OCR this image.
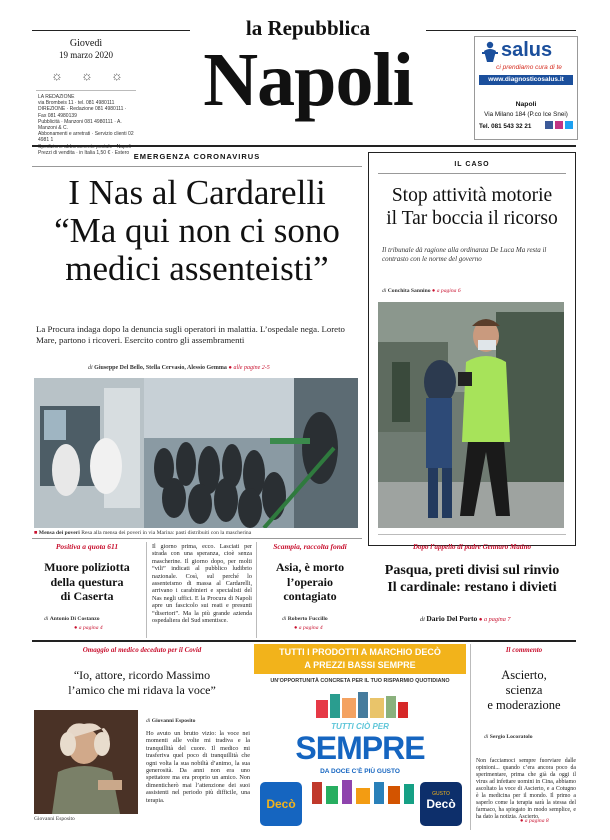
Giovedì
19 marzo 2020
☼ ☼ ☼
LA REDAZIONE
via Brombeis 11 · tel. 081 4980111
DIREZIONE · Redazione 081 4980111 · Fax 081 4980139
Pubblicità · Manzoni 081 4980111 · A. Manzoni & C.
Abbonamenti e arretrati · Servizio clienti 02 4981 1
Prezzi di vendita · in Italia 1,50 € · Estero
la Repubblica
Napoli	salus
ci prendiamo cura di te
www.diagnosticosalus.it
Napoli
Via Milano 184 (P.co Ice Snei)
Tel. 081 543 32 21
EMERGENZA CORONAVIRUS
I Nas al Cardarelli
“Ma qui non ci sono
medici assenteisti”
La Procura indaga dopo la denuncia sugli operatori in malattia. L’ospedale nega. Loreto Mare, partono i ricoveri. Esercito contro gli assembramenti
di Giuseppe Del Bello, Stella Cervasio, Alessio Gemma ● alle pagine 2-5
■ Mensa dei poveri Resa alla mensa dei poveri in via Marina: pasti distribuiti con la mascherina
IL CASO
Stop attività motorie
il Tar boccia il ricorso
Il tribunale dà ragione alla ordinanza De Luca Ma resta il contrasto con le norme del governo
di Conchita Sannino ● a pagina 6
Dopo l’appello di padre Gennaro Matino
Pasqua, preti divisi sul rinvio
Il cardinale: restano i divieti
di Dario Del Porto ● a pagina 7
Positiva a quota 611
Muore poliziotta
della questura
di Caserta
di Antonio Di Costanzo
● a pagina 4
Il giorno prima, ecco. Lasciati per strada con una speranza, cioè senza mascherine. Il giorno dopo, per molti “vili” indicati al pubblico ludibrio nazionale. Così, sul perché lo assenteismo di massa al Cardarelli, arrivano i carabinieri e specialisti del Nas negli uffici. E la Procura di Napoli apre un fascicolo sui reati e presunti “disertori”. Ma la più grande azienda ospedaliera del Sud smentisce.
Scampia, raccolta fondi
Asia, è morto
l’operaio
contagiato
di Roberto Fuccillo
● a pagina 4
Omaggio al medico deceduto per il Covid
“Io, attore, ricordo Massimo
l’amico che mi ridava la voce”
Giovanni Esposito
di Giovanni Esposito
Ho avuto un brutto vizio: la voce nei momenti alle volte mi tradiva e la tranquillità del cuore. Il medico mi trasferiva quel poco di tranquillità che ogni volta la sua nobiltà d’animo, la sua generosità. Da anni non era uno spettatore ma era proprio un amico. Non dimenticherò mai l’attenzione dei suoi assistenti nel periodo più difficile, una terapia.
TUTTI I PRODOTTI A MARCHIO DECÒ
A PREZZI BASSI SEMPRE
UN’OPPORTUNITÀ CONCRETA PER IL TUO RISPARMIO QUOTIDIANO
TUTTI CIÒ PER
SEMPRE
DA DOCE C’È PIÙ GUSTO
Decò
GUSTO
Decò
Il commento
Ascierto,
scienza
e moderazione
di Sergio Locoratolo
Non facciamoci sempre fuorviare dalle opinioni... quando c’era ancora poco da sperimentare, prima che già da oggi il virus ad infettare uomini in Cina, abbiamo ascoltato la voce di Ascierto, e a Cotugno è la medicina per il mondo. Il primo a saperlo come la terapia sarà la stessa del farmaco, ha spiegato in modo semplice, e ha dato la notizia. Ascierto.
● a pagina 8
